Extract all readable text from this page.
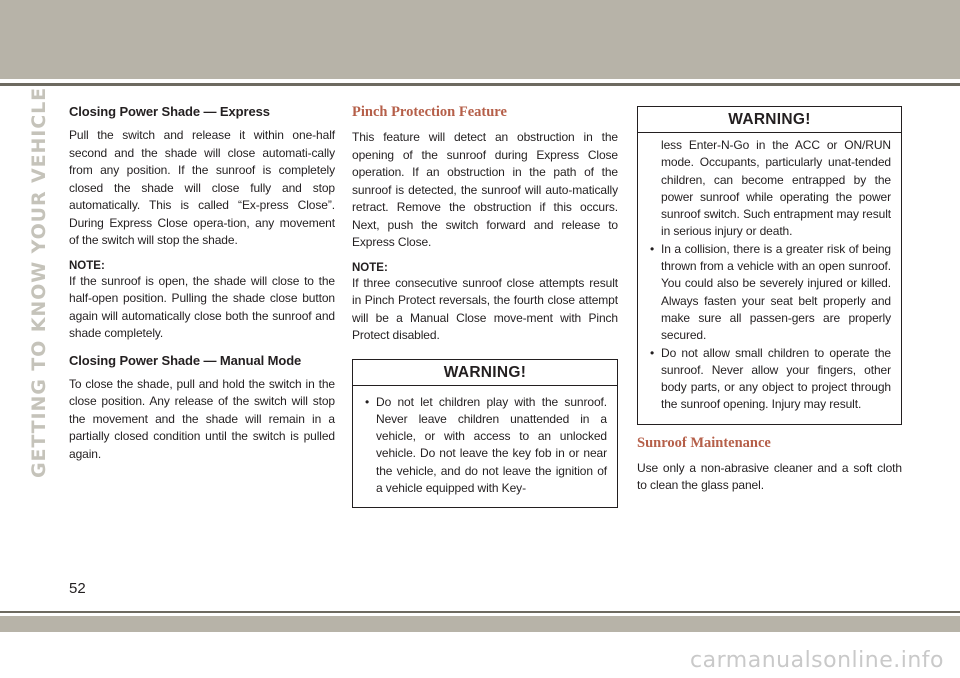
GETTING TO KNOW YOUR VEHICLE Closing Power Shade — Express

Pull the switch and release it within one-half second and the shade will close automati-cally from any position. If the sunroof is completely closed the shade will close fully and stop automatically. This is called “Ex-press Close”. During Express Close opera-tion, any movement of the switch will stop the shade.

NOTE:

If the sunroof is open, the shade will close to the half-open position. Pulling the shade close button again will automatically close both the sunroof and shade completely.

Closing Power Shade — Manual Mode

To close the shade, pull and hold the switch in the close position. Any release of the switch will stop the movement and the shade will remain in a partially closed condition until the switch is pulled again.

Pinch Protection Feature

This feature will detect an obstruction in the opening of the sunroof during Express Close operation. If an obstruction in the path of the sunroof is detected, the sunroof will auto-matically retract. Remove the obstruction if this occurs. Next, push the switch forward and release to Express Close.

NOTE:

If three consecutive sunroof close attempts result in Pinch Protect reversals, the fourth close attempt will be a Manual Close move-ment with Pinch Protect disabled.

WARNING!
• Do not let children play with the sunroof. Never leave children unattended in a vehicle, or with access to an unlocked vehicle. Do not leave the key fob in or near the vehicle, and do not leave the ignition of a vehicle equipped with Key-
WARNING!

less Enter-N-Go in the ACC or ON/RUN mode. Occupants, particularly unat-tended children, can become entrapped by the power sunroof while operating the power sunroof switch. Such entrapment may result in serious injury or death.

• In a collision, there is a greater risk of being thrown from a vehicle with an open sunroof. You could also be severely injured or killed. Always fasten your seat belt properly and make sure all passen-gers are properly secured.
• Do not allow small children to operate the sunroof. Never allow your fingers, other body parts, or any object to project through the sunroof opening. Injury may result.
Sunroof Maintenance

Use only a non-abrasive cleaner and a soft cloth to clean the glass panel.

52
carmanualsonline.info
